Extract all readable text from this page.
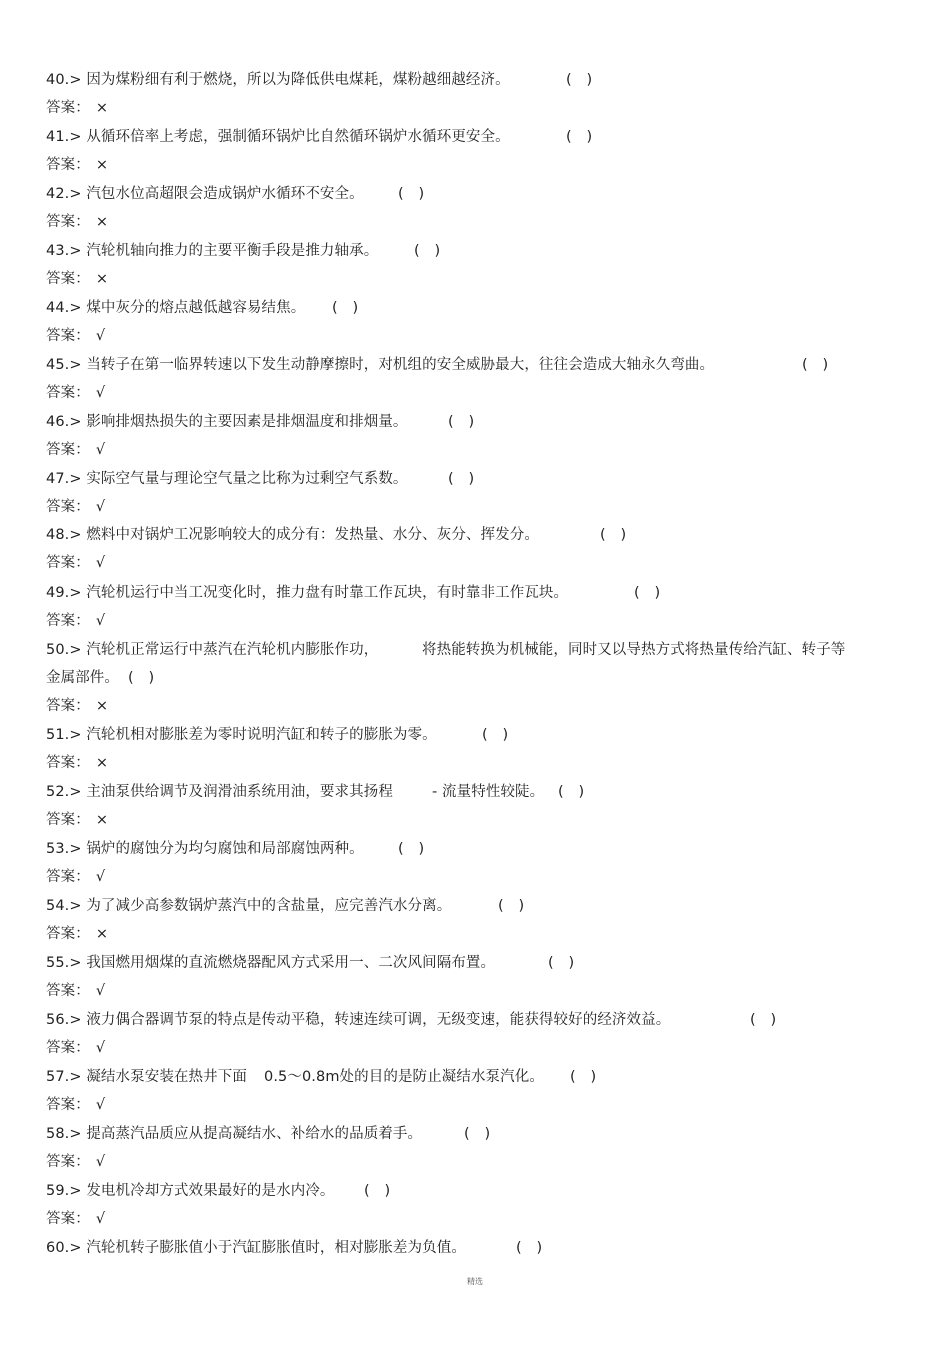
40.> 因为煤粉细有利于燃烧，所以为降低供电煤耗，煤粉越细越经济。	(  )
答案： ×
41.> 从循环倍率上考虑，强制循环锅炉比自然循环锅炉水循环更安全。	(  )
答案： ×
42.> 汽包水位高超限会造成锅炉水循环不安全。 (  )
答案： ×
43.> 汽轮机轴向推力的主要平衡手段是推力轴承。 (  )
答案： ×
44.> 煤中灰分的熔点越低越容易结焦。 (  )
答案： √
45.> 当转子在第一临界转速以下发生动静摩擦时，对机组的安全威胁最大，往往会造成大轴永久弯曲。	(  )
答案： √
46.> 影响排烟热损失的主要因素是排烟温度和排烟量。	(  )
答案： √
47.> 实际空气量与理论空气量之比称为过剩空气系数。	(  )
答案： √
48.> 燃料中对锅炉工况影响较大的成分有：发热量、水分、灰分、挥发分。	(  )
答案： √
49.> 汽轮机运行中当工况变化时，推力盘有时靠工作瓦块，有时靠非工作瓦块。	(  )
答案： √
50.> 汽轮机正常运行中蒸汽在汽轮机内膨胀作功，	将热能转换为机械能，同时又以导热方式将热量传给汽缸、转子等
金属部件。 (  )
答案： ×
51.> 汽轮机相对膨胀差为零时说明汽缸和转子的膨胀为零。	(  )
答案： ×
52.> 主油泵供给调节及润滑油系统用油，要求其扬程	- 流量特性较陡。 (  )
答案： ×
53.> 锅炉的腐蚀分为均匀腐蚀和局部腐蚀两种。 (  )
答案： √
54.> 为了减少高参数锅炉蒸汽中的含盐量，应完善汽水分离。	(  )
答案： ×
55.> 我国燃用烟煤的直流燃烧器配风方式采用一、二次风间隔布置。	(  )
答案： √
56.> 液力偶合器调节泵的特点是传动平稳，转速连续可调，无级变速，能获得较好的经济效益。	(  )
答案： √
57.> 凝结水泵安装在热井下面 0.5～0.8m处的目的是防止凝结水泵汽化。 (  )
答案： √
58.> 提高蒸汽品质应从提高凝结水、补给水的品质着手。	(  )
答案： √
59.> 发电机冷却方式效果最好的是水内冷。 (  )
答案： √
60.> 汽轮机转子膨胀值小于汽缸膨胀值时，相对膨胀差为负值。	(  )
精选
